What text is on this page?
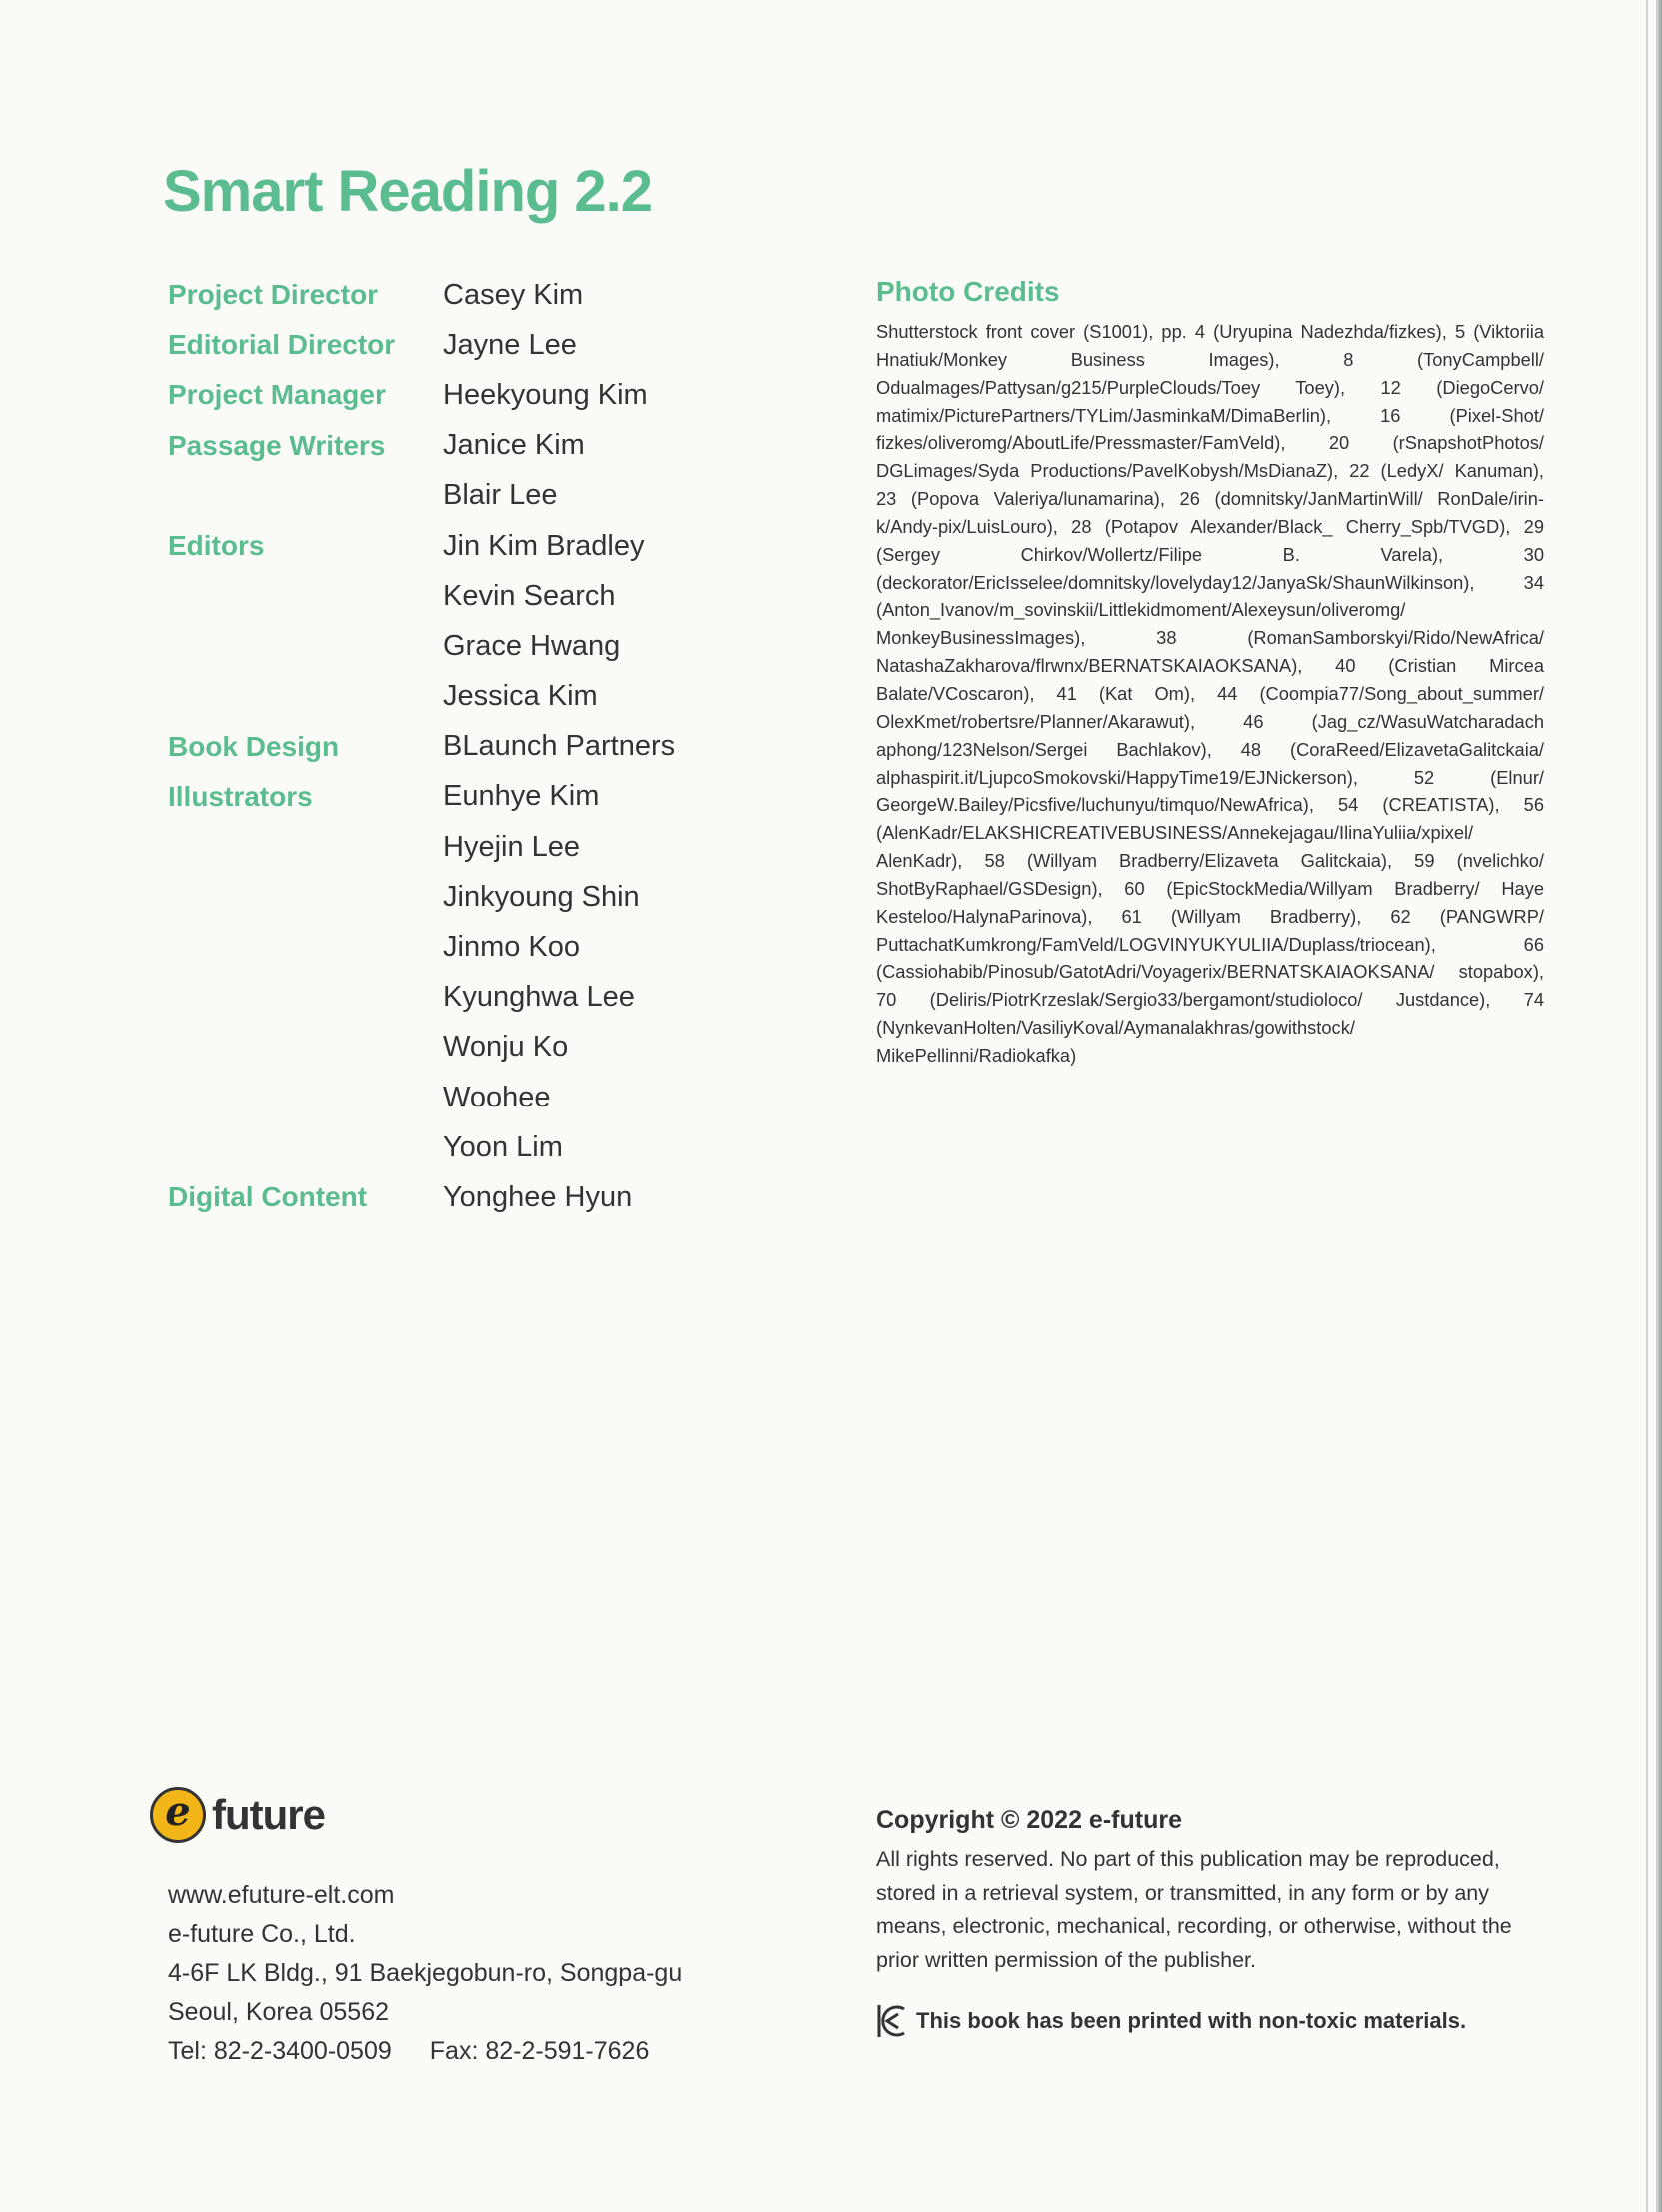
Smart Reading 2.2
Project Director	Casey Kim
Editorial Director	Jayne Lee
Project Manager	Heekyoung Kim
Passage Writers	Janice Kim
Blair Lee
Editors	Jin Kim Bradley
Kevin Search
Grace Hwang
Jessica Kim
Book Design	BLaunch Partners
Illustrators	Eunhye Kim
Hyejin Lee
Jinkyoung Shin
Jinmo Koo
Kyunghwa Lee
Wonju Ko
Woohee
Yoon Lim
Digital Content	Yonghee Hyun
Photo Credits

Shutterstock front cover (S1001), pp. 4 (Uryupina Nadezhda/fizkes), 5 (Viktoriia Hnatiuk/Monkey Business Images), 8 (TonyCampbell/ Odualmages/Pattysan/g215/PurpleClouds/Toey Toey), 12 (DiegoCervo/ matimix/PicturePartners/TYLim/JasminkaM/DimaBerlin), 16 (Pixel-Shot/ fizkes/oliveromg/AboutLife/Pressmaster/FamVeld), 20 (rSnapshotPhotos/ DGLimages/Syda Productions/PavelKobysh/MsDianaZ), 22 (LedyX/ Kanuman), 23 (Popova Valeriya/lunamarina), 26 (domnitsky/JanMartinWill/ RonDale/irin-k/Andy-pix/LuisLouro), 28 (Potapov Alexander/Black_ Cherry_Spb/TVGD), 29 (Sergey Chirkov/Wollertz/Filipe B. Varela), 30 (deckorator/EricIsselee/domnitsky/lovelyday12/JanyaSk/ShaunWilkinson), 34 (Anton_Ivanov/m_sovinskii/Littlekidmoment/Alexeysun/oliveromg/ MonkeyBusinessImages), 38 (RomanSamborskyi/Rido/NewAfrica/ NatashaZakharova/flrwnx/BERNATSKAIAOKSANA), 40 (Cristian Mircea Balate/VCoscaron), 41 (Kat Om), 44 (Coompia77/Song_about_summer/ OlexKmet/robertsre/Planner/Akarawut), 46 (Jag_cz/WasuWatcharadach aphong/123Nelson/Sergei Bachlakov), 48 (CoraReed/ElizavetaGalitckaia/ alphaspirit.it/LjupcoSmokovski/HappyTime19/EJNickerson), 52 (Elnur/ GeorgeW.Bailey/Picsfive/luchunyu/timquo/NewAfrica), 54 (CREATISTA), 56 (AlenKadr/ELAKSHICREATIVEBUSINESS/Annekejagau/IlinaYuliia/xpixel/ AlenKadr), 58 (Willyam Bradberry/Elizaveta Galitckaia), 59 (nvelichko/ ShotByRaphael/GSDesign), 60 (EpicStockMedia/Willyam Bradberry/ Haye Kesteloo/HalynaParinova), 61 (Willyam Bradberry), 62 (PANGWRP/ PuttachatKumkrong/FamVeld/LOGVINYUKYULIIA/Duplass/triocean), 66 (Cassiohabib/Pinosub/GatotAdri/Voyagerix/BERNATSKAIAOKSANA/ stopabox), 70 (Deliris/PiotrKrzeslak/Sergio33/bergamont/studioloco/ Justdance), 74 (NynkevanHolten/VasiliyKoval/Aymanalakhras/gowithstock/ MikePellinni/Radiokafka)

e future
www.efuture-elt.com
e-future Co., Ltd.
4-6F LK Bldg., 91 Baekjegobun-ro, Songpa-gu
Seoul, Korea 05562
Tel: 82-2-3400-0509 Fax: 82-2-591-7626
Copyright © 2022 e-future

All rights reserved. No part of this publication may be reproduced, stored in a retrieval system, or transmitted, in any form or by any means, electronic, mechanical, recording, or otherwise, without the prior written permission of the publisher.

This book has been printed with non-toxic materials.
